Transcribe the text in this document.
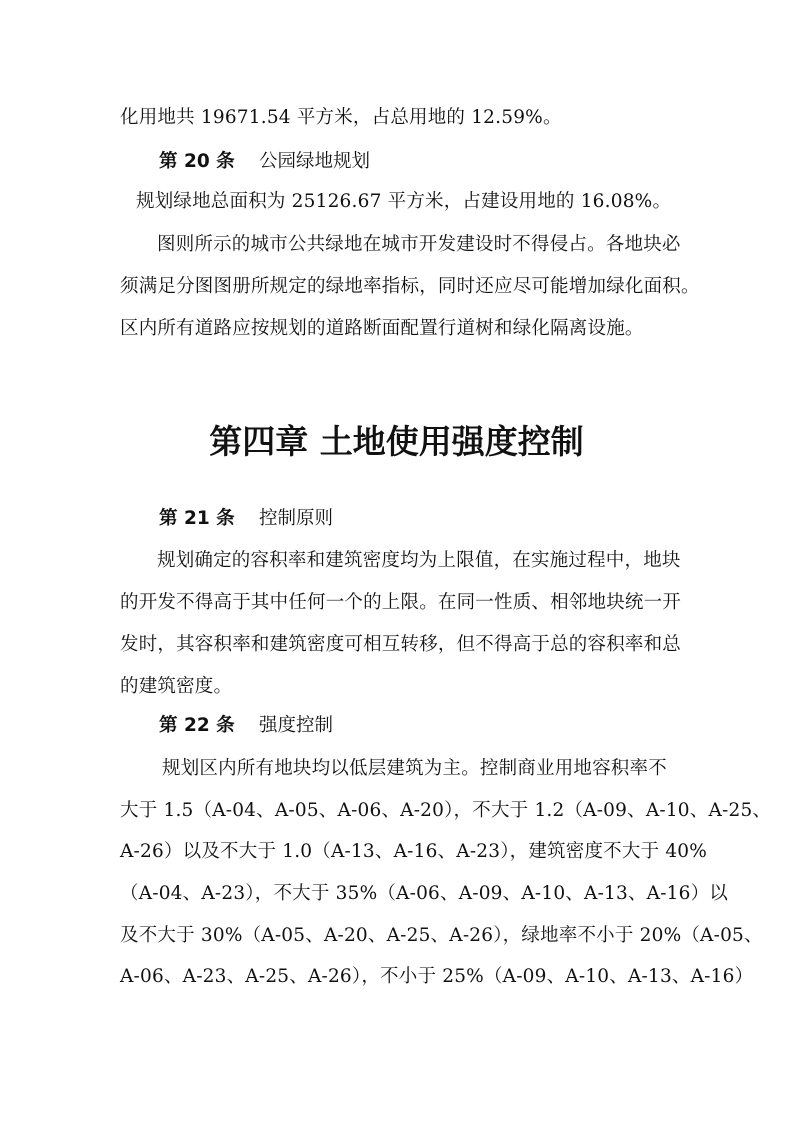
化用地共 19671.54 平方米，占总用地的 12.59%。
第 20 条 公园绿地规划
规划绿地总面积为 25126.67 平方米，占建设用地的 16.08%。
图则所示的城市公共绿地在城市开发建设时不得侵占。各地块必
须满足分图图册所规定的绿地率指标，同时还应尽可能增加绿化面积。
区内所有道路应按规划的道路断面配置行道树和绿化隔离设施。
第四章 土地使用强度控制
第 21 条 控制原则
规划确定的容积率和建筑密度均为上限值，在实施过程中，地块
的开发不得高于其中任何一个的上限。在同一性质、相邻地块统一开
发时，其容积率和建筑密度可相互转移，但不得高于总的容积率和总
的建筑密度。
第 22 条 强度控制
规划区内所有地块均以低层建筑为主。控制商业用地容积率不
大于 1.5（A-04、A-05、A-06、A-20），不大于 1.2（A-09、A-10、A-25、
A-26）以及不大于 1.0（A-13、A-16、A-23），建筑密度不大于 40%
（A-04、A-23），不大于 35%（A-06、A-09、A-10、A-13、A-16）以
及不大于 30%（A-05、A-20、A-25、A-26），绿地率不小于 20%（A-05、
A-06、A-23、A-25、A-26），不小于 25%（A-09、A-10、A-13、A-16）
